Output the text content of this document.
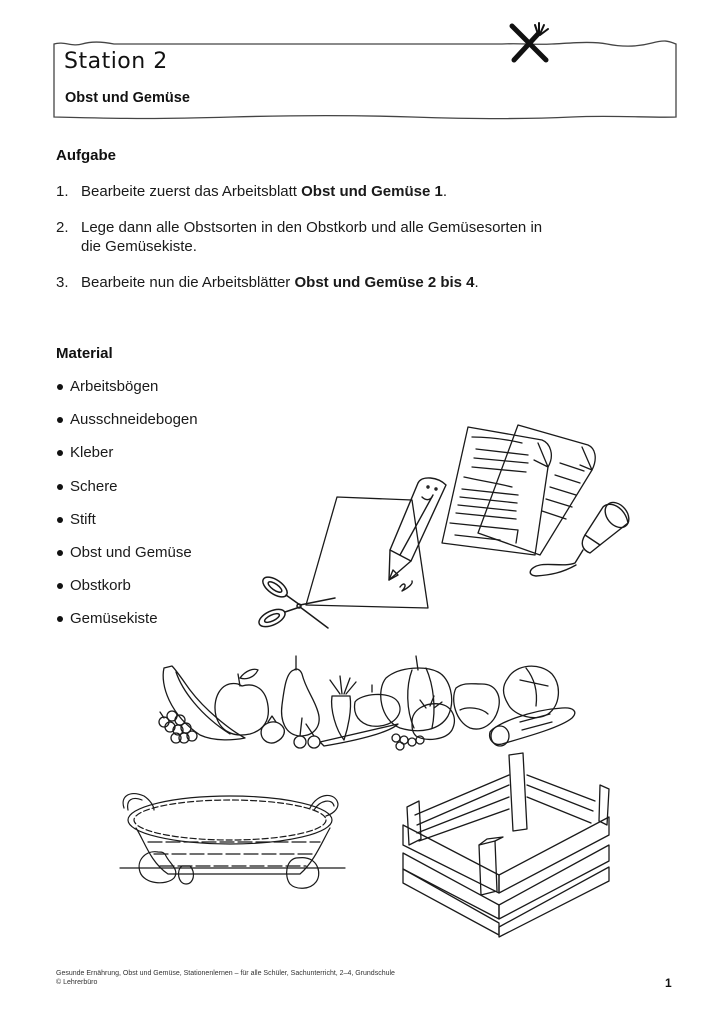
Station 2
Obst und Gemüse
Aufgabe
1. Bearbeite zuerst das Arbeitsblatt Obst und Gemüse 1.
2. Lege dann alle Obstsorten in den Obstkorb und alle Gemüsesorten in die Gemüsekiste.
3. Bearbeite nun die Arbeitsblätter Obst und Gemüse 2 bis 4.
Material
Arbeitsbögen
Ausschneidebogen
Kleber
Schere
Stift
Obst und Gemüse
Obstkorb
Gemüsekiste
Gesunde Ernährung, Obst und Gemüse, Stationenlernen – für alle Schüler, Sachunterricht, 2–4, Grundschule
© Lehrerbüro	1
